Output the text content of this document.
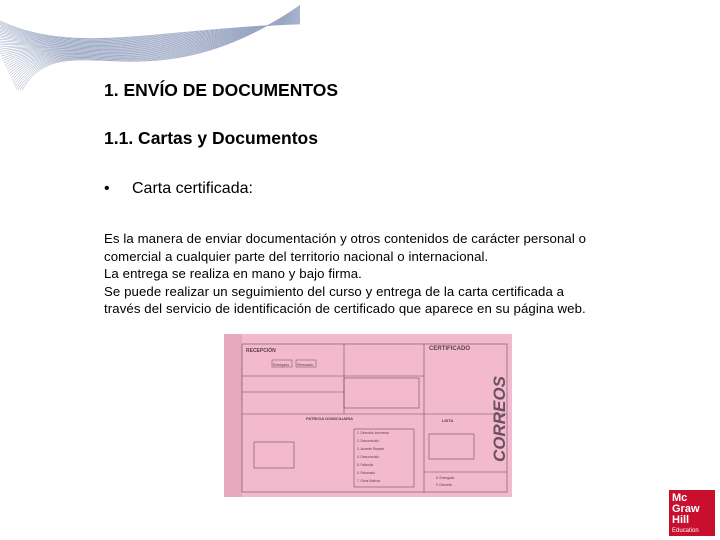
1. ENVÍO DE DOCUMENTOS
1.1. Cartas y Documentos
• Carta certificada:

Es la manera de enviar documentación y otros contenidos de carácter personal o

comercial a cualquier parte del territorio nacional o internacional.

La entrega se realiza en mano y bajo firma.

Se puede realizar un seguimiento del curso y entrega de la carta certificada a

través del servicio de identificación de certificado que aparece en su página web.

RECEPCIÓN	CERTIFICADO
Entregado Rehusado
PATRICIA DOMICILIARIA	LISTA
1. Dirección Incorrecta
2. Desconocido
3. Ausente Reparto
4. Desconocido
5. Fallecido
6. Rehusado
7. Otros Motivos
8. Entregado
9. Devuelto
CORREOS
Mc
Graw
Hill
Education
